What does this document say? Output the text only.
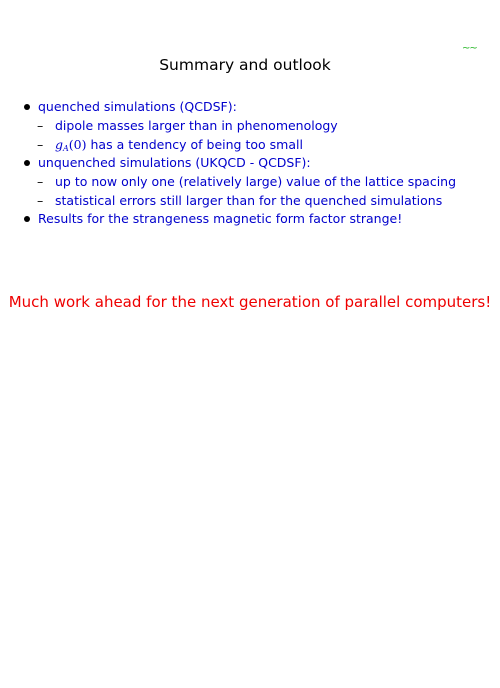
~~
Summary and outlook
quenched simulations (QCDSF):
– dipole masses larger than in phenomenology
– $g_A(0)$ has a tendency of being too small
unquenched simulations (UKQCD - QCDSF):
– up to now only one (relatively large) value of the lattice spacing
– statistical errors still larger than for the quenched simulations
Results for the strangeness magnetic form factor strange!
Much work ahead for the next generation of parallel computers!
